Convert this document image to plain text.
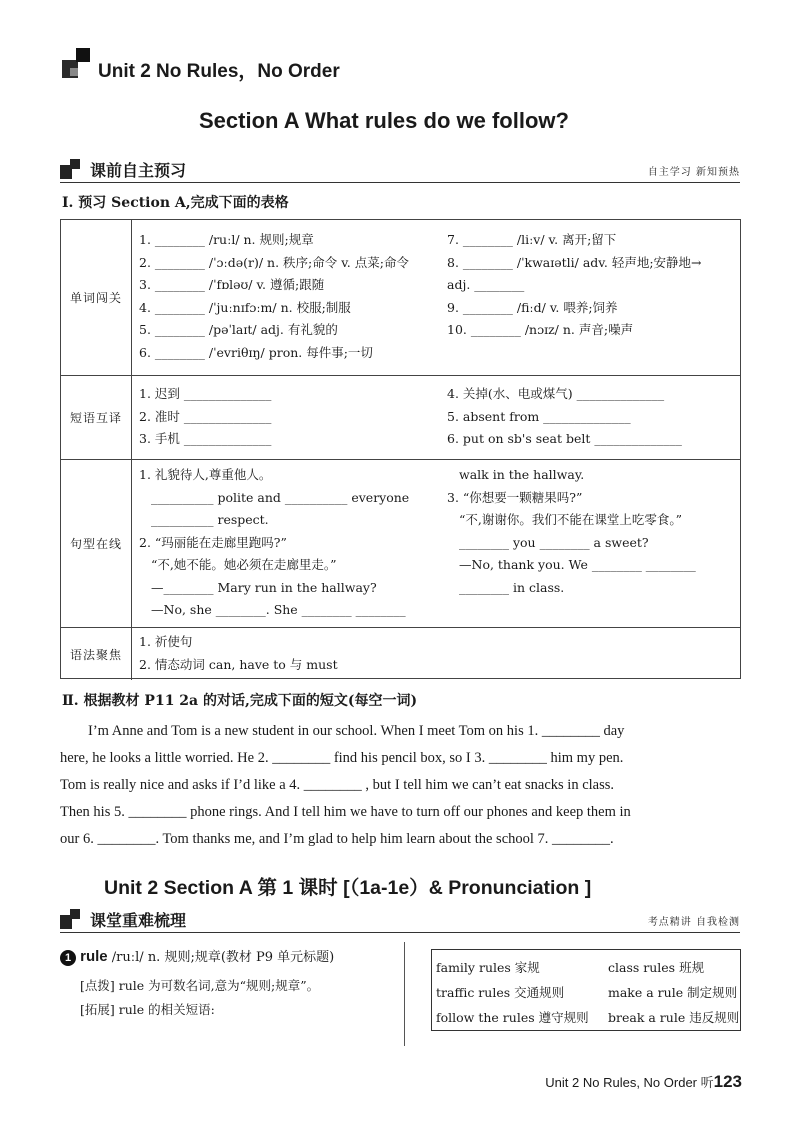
Unit 2 No Rules，No Order
Section A What rules do we follow?
课前自主预习	自主学习 新知预热
Ⅰ. 预习 Section A,完成下面的表格
单词闯关
1. ________ /ruːl/ n. 规则;规章
2. ________ /ˈɔːdə(r)/ n. 秩序;命令 v. 点菜;命令
3. ________ /ˈfɒləʊ/ v. 遵循;跟随
4. ________ /ˈjuːnɪfɔːm/ n. 校服;制服
5. ________ /pəˈlaɪt/ adj. 有礼貌的
6. ________ /ˈevriθɪŋ/ pron. 每件事;一切
7. ________ /liːv/ v. 离开;留下
8. ________ /ˈkwaɪətli/ adv. 轻声地;安静地→
adj. ________
9. ________ /fiːd/ v. 喂养;饲养
10. ________ /nɔɪz/ n. 声音;噪声
短语互译
1. 迟到 ______________
2. 准时 ______________
3. 手机 ______________
4. 关掉(水、电或煤气) ______________
5. absent from ______________
6. put on sb's seat belt ______________
句型在线
1. 礼貌待人,尊重他人。
__________ polite and __________ everyone
__________ respect.
2. “玛丽能在走廊里跑吗?”
“不,她不能。她必须在走廊里走。”
—________ Mary run in the hallway?
—No, she ________. She ________ ________
walk in the hallway.
3. “你想要一颗糖果吗?”
“不,谢谢你。我们不能在课堂上吃零食。”
________ you ________ a sweet?
—No, thank you. We ________ ________
________ in class.
语法聚焦
1. 祈使句
2. 情态动词 can, have to 与 must
Ⅱ. 根据教材 P11 2a 的对话,完成下面的短文(每空一词)

I’m Anne and Tom is a new student in our school. When I meet Tom on his 1. ________ day

here, he looks a little worried. He 2. ________ find his pencil box, so I 3. ________ him my pen.

Tom is really nice and asks if I’d like a 4. ________ , but I tell him we can’t eat snacks in class.

Then his 5. ________ phone rings. And I tell him we have to turn off our phones and keep them in

our 6. ________. Tom thanks me, and I’m glad to help him learn about the school 7. ________.

Unit 2 Section A 第 1 课时 [（1a-1e）& Pronunciation ]
课堂重难梳理	考点精讲 自我检测
1 rule /ruːl/ n. 规则;规章(教材 P9 单元标题)
[点拨] rule 为可数名词,意为“规则;规章”。
[拓展] rule 的相关短语:
family rules 家规
traffic rules 交通规则
follow the rules 遵守规则
class rules 班规
make a rule 制定规则
break a rule 违反规则
Unit 2 No Rules, No Order 听123
